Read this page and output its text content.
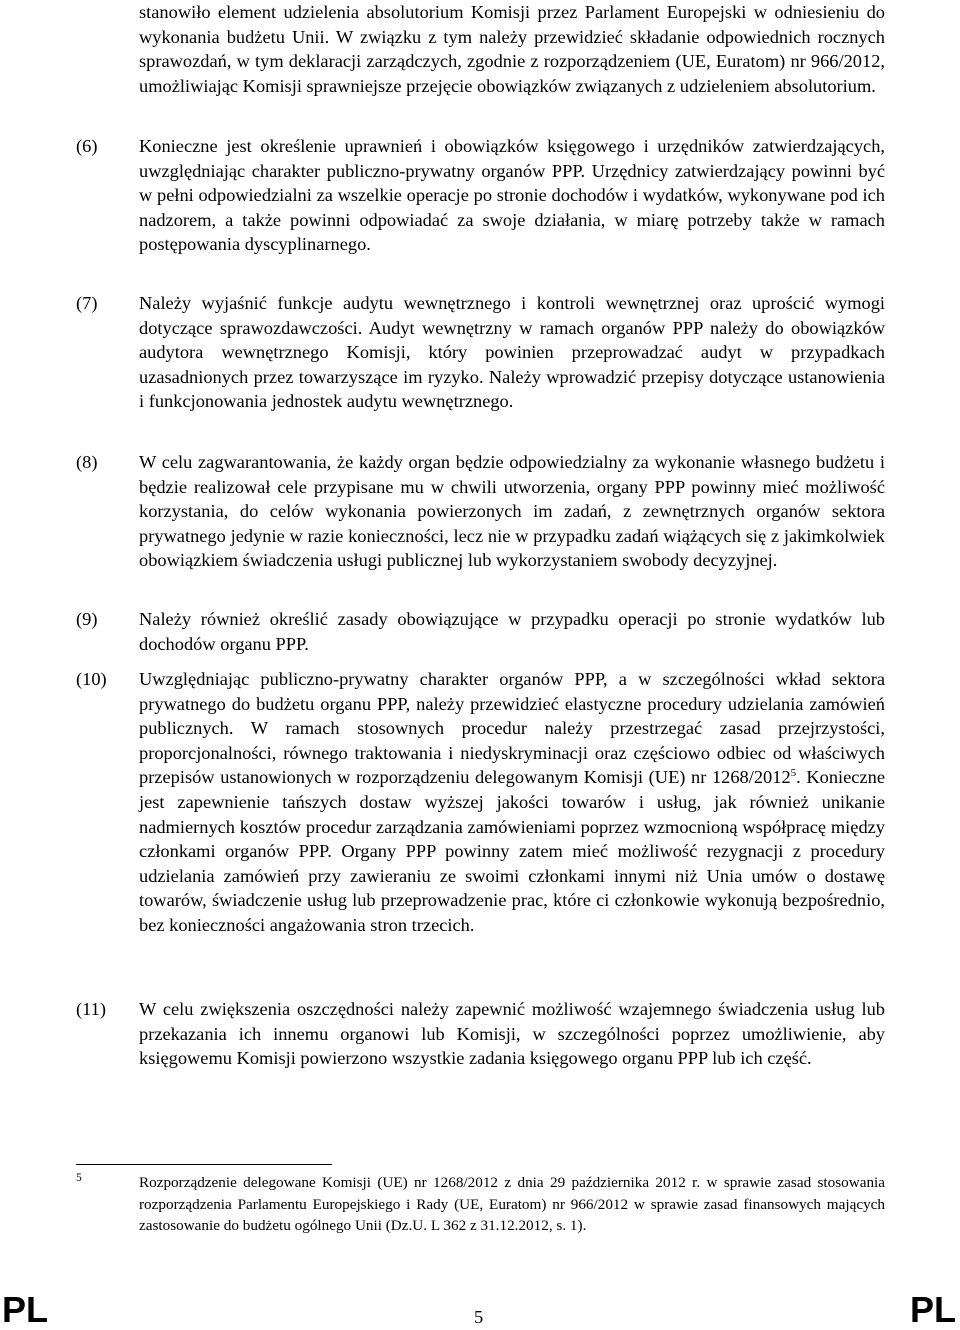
stanowiło element udzielenia absolutorium Komisji przez Parlament Europejski w odniesieniu do wykonania budżetu Unii. W związku z tym należy przewidzieć składanie odpowiednich rocznych sprawozdań, w tym deklaracji zarządczych, zgodnie z rozporządzeniem (UE, Euratom) nr 966/2012, umożliwiając Komisji sprawniejsze przejęcie obowiązków związanych z udzieleniem absolutorium.
(6) Konieczne jest określenie uprawnień i obowiązków księgowego i urzędników zatwierdzających, uwzględniając charakter publiczno-prywatny organów PPP. Urzędnicy zatwierdzający powinni być w pełni odpowiedzialni za wszelkie operacje po stronie dochodów i wydatków, wykonywane pod ich nadzorem, a także powinni odpowiadać za swoje działania, w miarę potrzeby także w ramach postępowania dyscyplinarnego.
(7) Należy wyjaśnić funkcje audytu wewnętrznego i kontroli wewnętrznej oraz uprościć wymogi dotyczące sprawozdawczości. Audyt wewnętrzny w ramach organów PPP należy do obowiązków audytora wewnętrznego Komisji, który powinien przeprowadzać audyt w przypadkach uzasadnionych przez towarzyszące im ryzyko. Należy wprowadzić przepisy dotyczące ustanowienia i funkcjonowania jednostek audytu wewnętrznego.
(8) W celu zagwarantowania, że każdy organ będzie odpowiedzialny za wykonanie własnego budżetu i będzie realizował cele przypisane mu w chwili utworzenia, organy PPP powinny mieć możliwość korzystania, do celów wykonania powierzonych im zadań, z zewnętrznych organów sektora prywatnego jedynie w razie konieczności, lecz nie w przypadku zadań wiążących się z jakimkolwiek obowiązkiem świadczenia usługi publicznej lub wykorzystaniem swobody decyzyjnej.
(9) Należy również określić zasady obowiązujące w przypadku operacji po stronie wydatków lub dochodów organu PPP.
(10) Uwzględniając publiczno-prywatny charakter organów PPP, a w szczególności wkład sektora prywatnego do budżetu organu PPP, należy przewidzieć elastyczne procedury udzielania zamówień publicznych. W ramach stosownych procedur należy przestrzegać zasad przejrzystości, proporcjonalności, równego traktowania i niedyskryminacji oraz częściowo odbiec od właściwych przepisów ustanowionych w rozporządzeniu delegowanym Komisji (UE) nr 1268/2012$^5$. Konieczne jest zapewnienie tańszych dostaw wyższej jakości towarów i usług, jak również unikanie nadmiernych kosztów procedur zarządzania zamówieniami poprzez wzmocnioną współpracę między członkami organów PPP. Organy PPP powinny zatem mieć możliwość rezygnacji z procedury udzielania zamówień przy zawieraniu ze swoimi członkami innymi niż Unia umów o dostawę towarów, świadczenie usług lub przeprowadzenie prac, które ci członkowie wykonują bezpośrednio, bez konieczności angażowania stron trzecich.
(11) W celu zwiększenia oszczędności należy zapewnić możliwość wzajemnego świadczenia usług lub przekazania ich innemu organowi lub Komisji, w szczególności poprzez umożliwienie, aby księgowemu Komisji powierzono wszystkie zadania księgowego organu PPP lub ich część.
5	Rozporządzenie delegowane Komisji (UE) nr 1268/2012 z dnia 29 października 2012 r. w sprawie zasad stosowania rozporządzenia Parlamentu Europejskiego i Rady (UE, Euratom) nr 966/2012 w sprawie zasad finansowych mających zastosowanie do budżetu ogólnego Unii (Dz.U. L 362 z 31.12.2012, s. 1).
PL	5	PL
